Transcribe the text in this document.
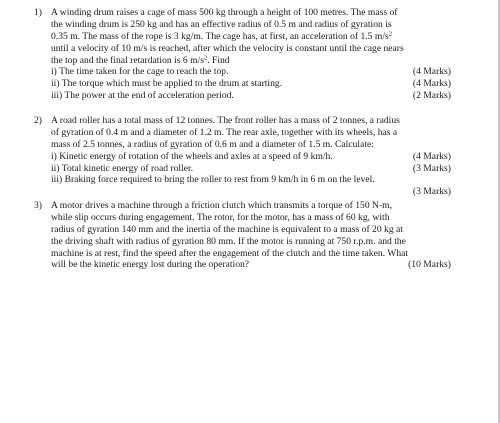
1) A winding drum raises a cage of mass 500 kg through a height of 100 metres. The mass of
the winding drum is 250 kg and has an effective radius of 0.5 m and radius of gyration is
0.35 m. The mass of the rope is 3 kg/m. The cage has, at first, an acceleration of 1.5 $m/s^2$
until a velocity of 10 m/s is reached, after which the velocity is constant until the cage nears
the top and the final retardation is 6 $m/s^2$. Find
i) The time taken for the cage to reach the top.	(4 Marks)
ii) The torque which must be applied to the drum at starting.	(4 Marks)
iii) The power at the end of acceleration period.	(2 Marks)
2) A road roller has a total mass of 12 tonnes. The front roller has a mass of 2 tonnes, a radius
of gyration of 0.4 m and a diameter of 1.2 m. The rear axle, together with its wheels, has a
mass of 2.5 tonnes, a radius of gyration of 0.6 m and a diameter of 1.5 m. Calculate:
i) Kinetic energy of rotation of the wheels and axles at a speed of 9 km/h.	(4 Marks)
ii) Total kinetic energy of road roller.	(3 Marks)
iii) Braking force required to bring the roller to rest from 9 km/h in 6 m on the level.
(3 Marks)
3) A motor drives a machine through a friction clutch which transmits a torque of 150 N-m,
while slip occurs during engagement. The rotor, for the motor, has a mass of 60 kg, with
radius of gyration 140 mm and the inertia of the machine is equivalent to a mass of 20 kg at
the driving shaft with radius of gyration 80 mm. If the motor is running at 750 r.p.m. and the
machine is at rest, find the speed after the engagement of the clutch and the time taken. What
will be the kinetic energy lost during the operation?	(10 Marks)
